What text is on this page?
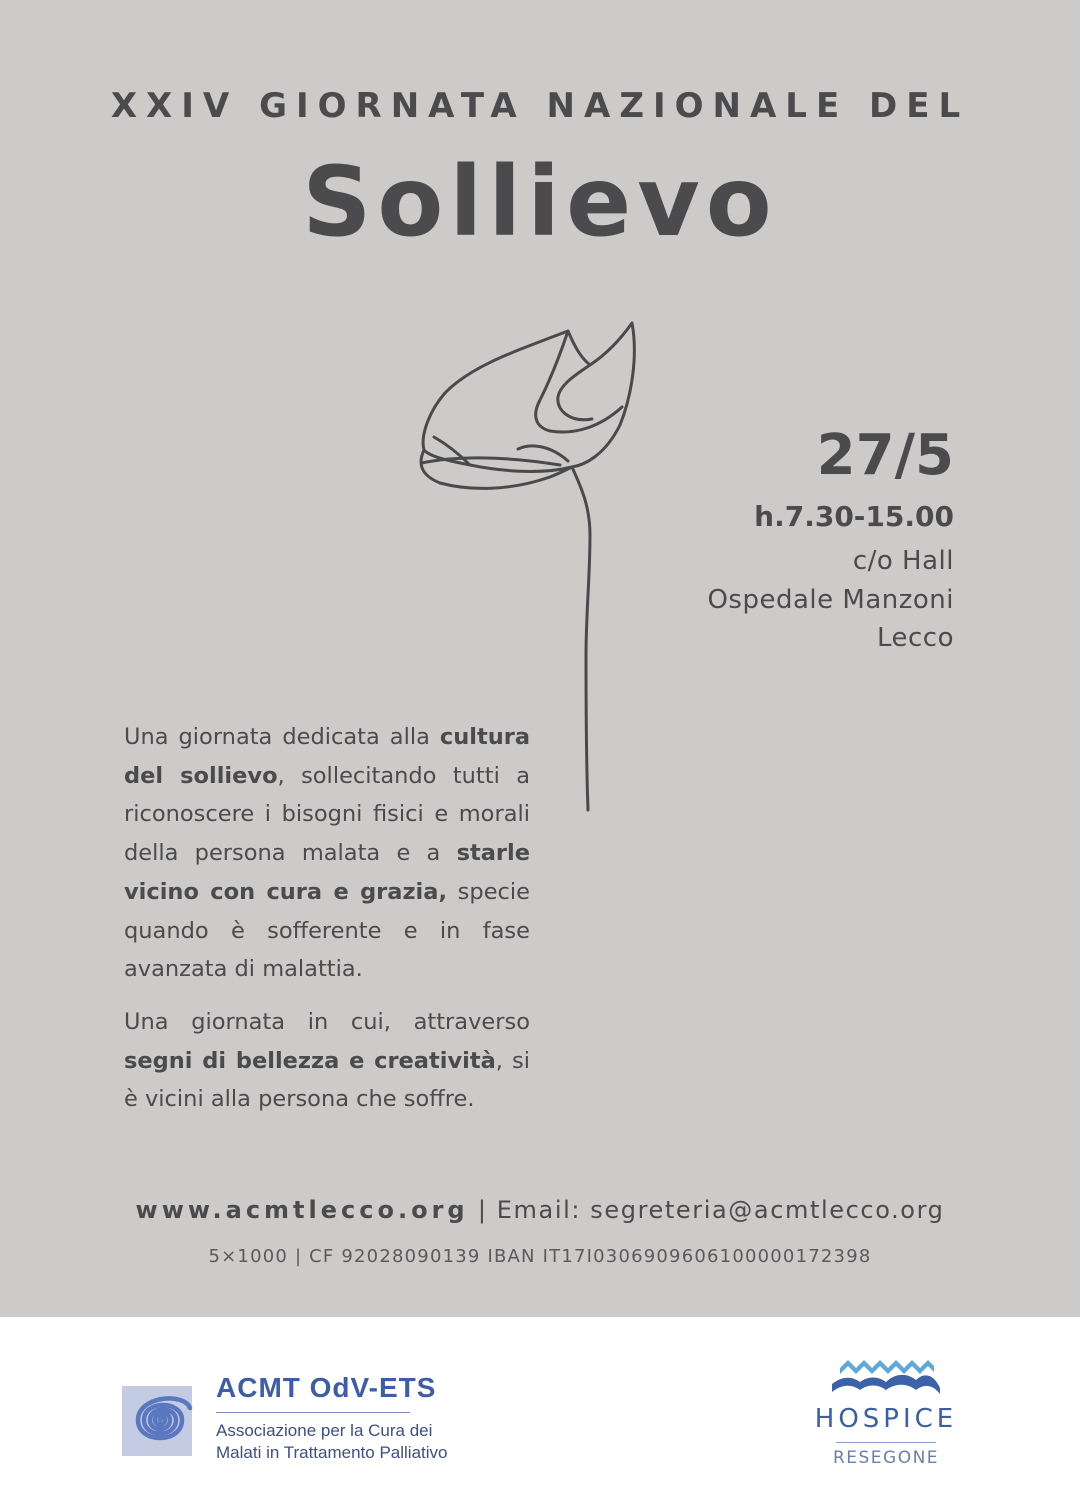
XXIV GIORNATA NAZIONALE DEL
Sollievo
27/5
h.7.30-15.00
c/o Hall
Ospedale Manzoni
Lecco

Una giornata dedicata alla cultura del sollievo, sollecitando tutti a riconoscere i bisogni fisici e morali della persona malata e a starle vicino con cura e grazia, specie quando è sofferente e in fase avanzata di malattia.

Una giornata in cui, attraverso segni di bellezza e creatività, si è vicini alla persona che soffre.

www.acmtlecco.org | Email: segreteria@acmtlecco.org
5×1000 | CF 92028090139 IBAN IT17I0306909606100000172398
ACMT OdV-ETS
Associazione per la Cura dei
Malati in Trattamento Palliativo
HOSPICE
RESEGONE
